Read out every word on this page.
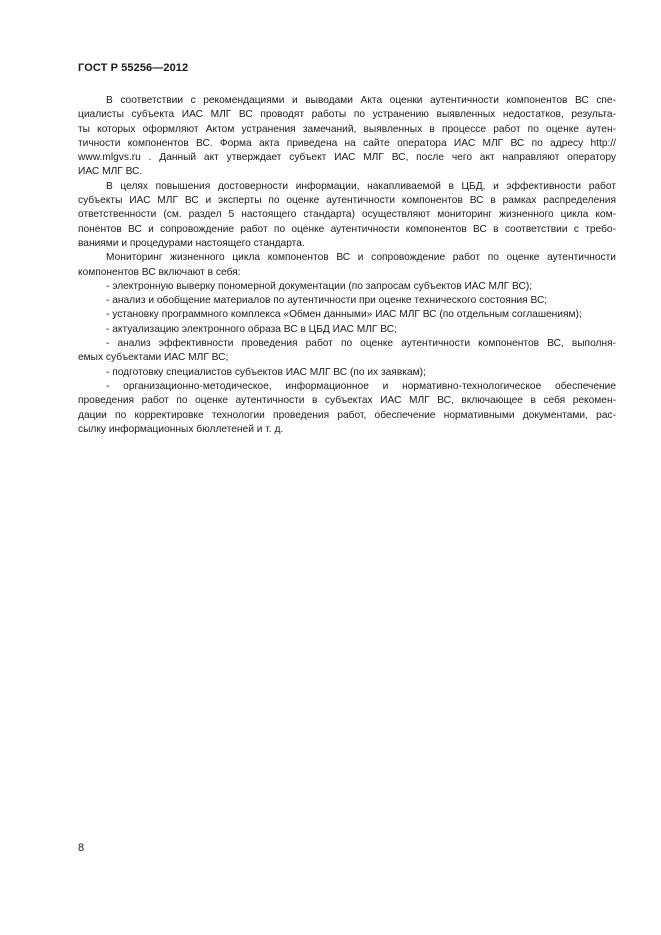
ГОСТ Р 55256—2012
В соответствии с рекомендациями и выводами Акта оценки аутентичности компонентов ВС спе-
циалисты субъекта ИАС МЛГ ВС проводят работы по устранению выявленных недостатков, результа-
ты которых оформляют Актом устранения замечаний, выявленных в процессе работ по оценке аутен-
тичности компонентов ВС. Форма акта приведена на сайте оператора ИАС МЛГ ВС по адресу http://
www.mlgvs.ru . Данный акт утверждает субъект ИАС МЛГ ВС, после чего акт направляют оператору
ИАС МЛГ ВС.
В целях повышения достоверности информации, накапливаемой в ЦБД, и эффективности работ
субъекты ИАС МЛГ ВС и эксперты по оценке аутентичности компонентов ВС в рамках распределения
ответственности (см. раздел 5 настоящего стандарта) осуществляют мониторинг жизненного цикла ком-
понентов ВС и сопровождение работ по оценке аутентичности компонентов ВС в соответствии с требо-
ваниями и процедурами настоящего стандарта.
Мониторинг жизненного цикла компонентов ВС и сопровождение работ по оценке аутентичности
компонентов ВС включают в себя:
- электронную выверку пономерной документации (по запросам субъектов ИАС МЛГ ВС);
- анализ и обобщение материалов по аутентичности при оценке технического состояния ВС;
- установку программного комплекса «Обмен данными» ИАС МЛГ ВС (по отдельным соглашениям);
- актуализацию электронного образа ВС в ЦБД ИАС МЛГ ВС;
- анализ эффективности проведения работ по оценке аутентичности компонентов ВС, выполня-
емых субъектами ИАС МЛГ ВС;
- подготовку специалистов субъектов ИАС МЛГ ВС (по их заявкам);
- организационно-методическое, информационное и нормативно-технологическое обеспечение
проведения работ по оценке аутентичности в субъектах ИАС МЛГ ВС, включающее в себя рекомен-
дации по корректировке технологии проведения работ, обеспечение нормативными документами, рас-
сылку информационных бюллетеней и т. д.
8
